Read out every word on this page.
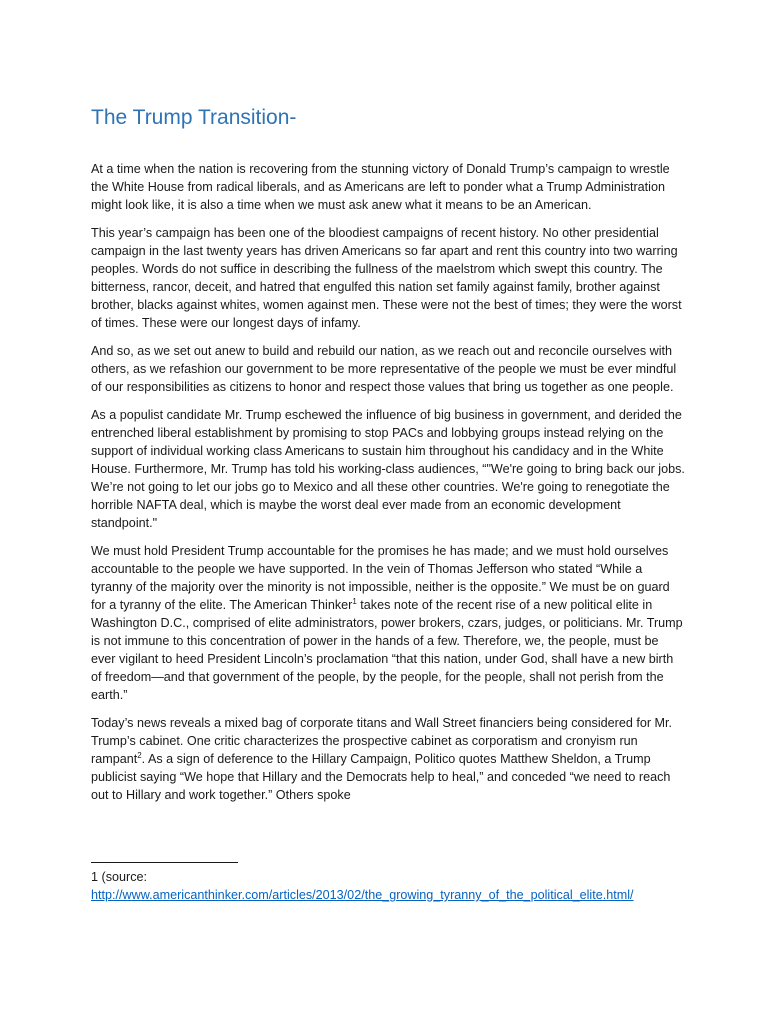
The Trump Transition-

At a time when the nation is recovering from the stunning victory of Donald Trump’s campaign to wrestle the White House from radical liberals, and as Americans are left to ponder what a Trump Administration might look like, it is also a time when we must ask anew what it means to be an American.

This year’s campaign has been one of the bloodiest campaigns of recent history. No other presidential campaign in the last twenty years has driven Americans so far apart and rent this country into two warring peoples. Words do not suffice in describing the fullness of the maelstrom which swept this country. The bitterness, rancor, deceit, and hatred that engulfed this nation set family against family, brother against brother, blacks against whites, women against men. These were not the best of times; they were the worst of times. These were our longest days of infamy.

And so, as we set out anew to build and rebuild our nation, as we reach out and reconcile ourselves with others, as we refashion our government to be more representative of the people we must be ever mindful of our responsibilities as citizens to honor and respect those values that bring us together as one people.

As a populist candidate Mr. Trump eschewed the influence of big business in government, and derided the entrenched liberal establishment by promising to stop PACs and lobbying groups instead relying on the support of individual working class Americans to sustain him throughout his candidacy and in the White House. Furthermore, Mr. Trump has told his working-class audiences, “"We're going to bring back our jobs. We’re not going to let our jobs go to Mexico and all these other countries. We're going to renegotiate the horrible NAFTA deal, which is maybe the worst deal ever made from an economic development standpoint."

We must hold President Trump accountable for the promises he has made; and we must hold ourselves accountable to the people we have supported. In the vein of Thomas Jefferson who stated “While a tyranny of the majority over the minority is not impossible, neither is the opposite.” We must be on guard for a tyranny of the elite. The American Thinker$^1$ takes note of the recent rise of a new political elite in Washington D.C., comprised of elite administrators, power brokers, czars, judges, or politicians. Mr. Trump is not immune to this concentration of power in the hands of a few. Therefore, we, the people, must be ever vigilant to heed President Lincoln’s proclamation “that this nation, under God, shall have a new birth of freedom—and that government of the people, by the people, for the people, shall not perish from the earth.”

Today’s news reveals a mixed bag of corporate titans and Wall Street financiers being considered for Mr. Trump’s cabinet. One critic characterizes the prospective cabinet as corporatism and cronyism run rampant$^2$. As a sign of deference to the Hillary Campaign, Politico quotes Matthew Sheldon, a Trump publicist saying “We hope that Hillary and the Democrats help to heal,” and conceded “we need to reach out to Hillary and work together.” Others spoke

1 (source:
http://www.americanthinker.com/articles/2013/02/the_growing_tyranny_of_the_political_elite.html/
